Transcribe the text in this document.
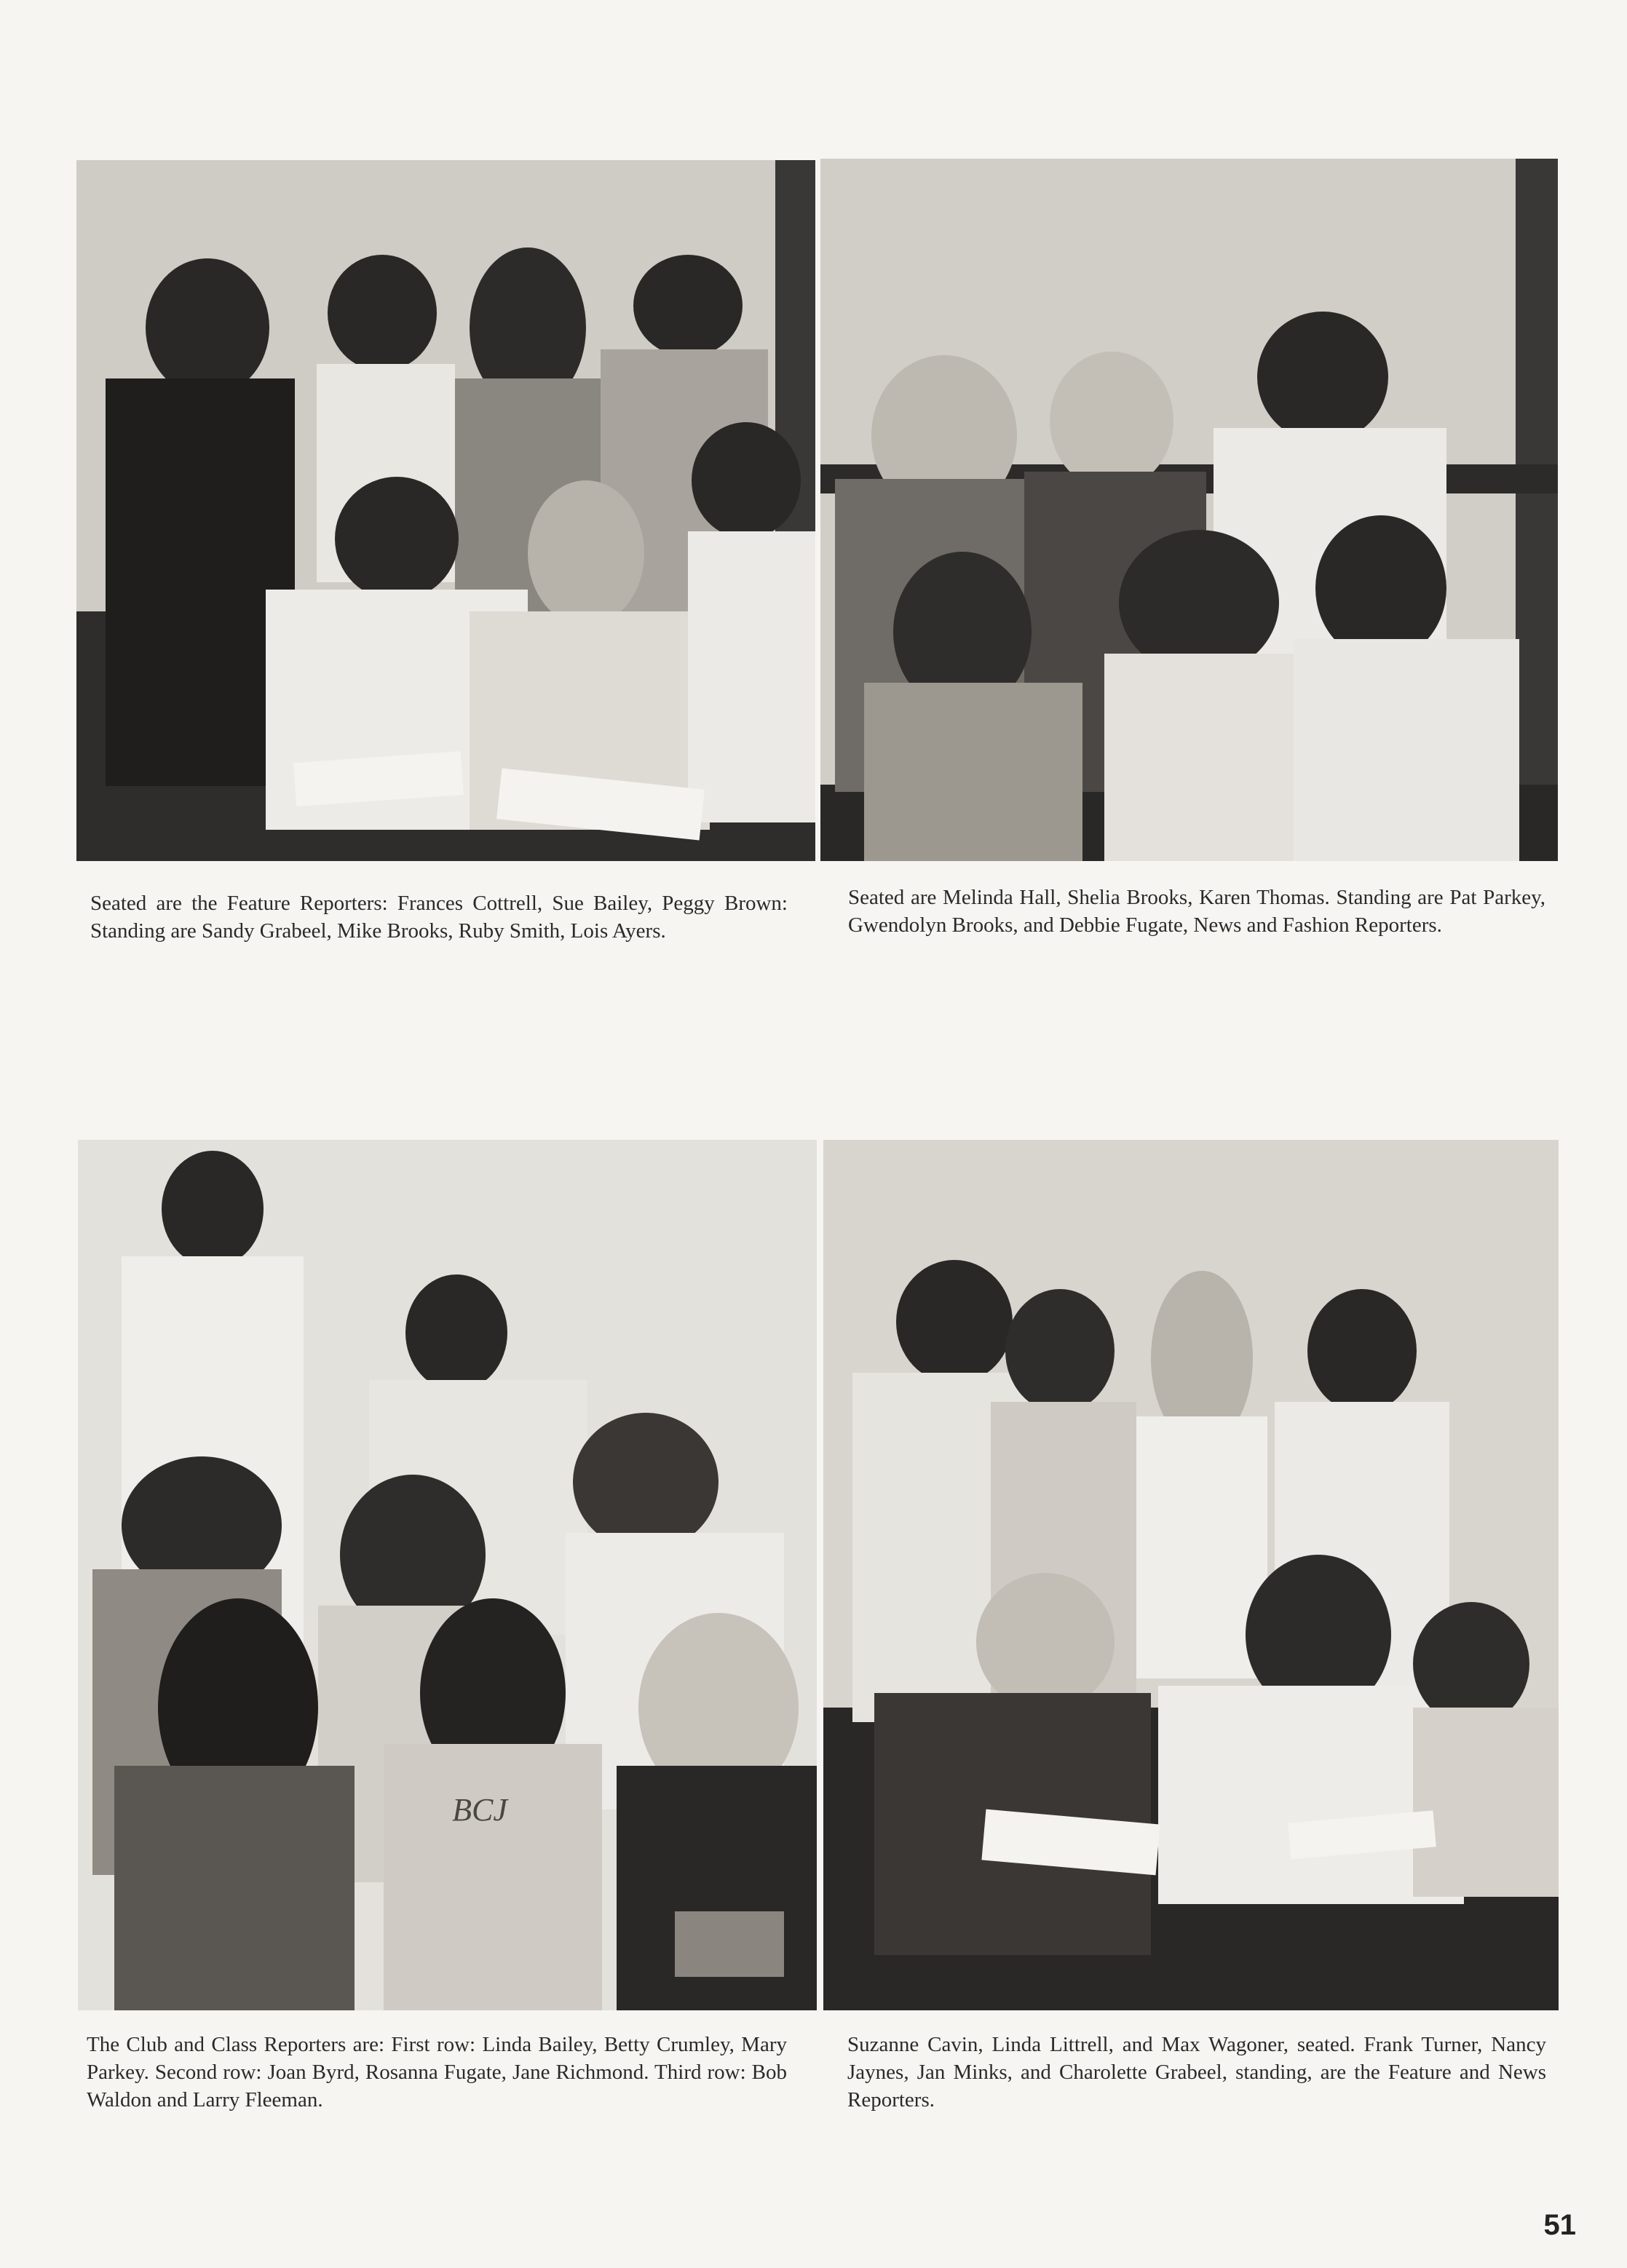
BCJ
Seated are the Feature Reporters: Frances Cottrell, Sue Bailey, Peggy Brown: Standing are Sandy Grabeel, Mike Brooks, Ruby Smith, Lois Ayers.
Seated are Melinda Hall, Shelia Brooks, Karen Thomas. Standing are Pat Parkey, Gwendolyn Brooks, and Debbie Fugate, News and Fashion Reporters.
The Club and Class Reporters are: First row: Linda Bailey, Betty Crumley, Mary Parkey. Second row: Joan Byrd, Rosanna Fugate, Jane Richmond. Third row: Bob Waldon and Larry Fleeman.
Suzanne Cavin, Linda Littrell, and Max Wagoner, seated. Frank Turner, Nancy Jaynes, Jan Minks, and Charolette Grabeel, standing, are the Feature and News Reporters.
51
